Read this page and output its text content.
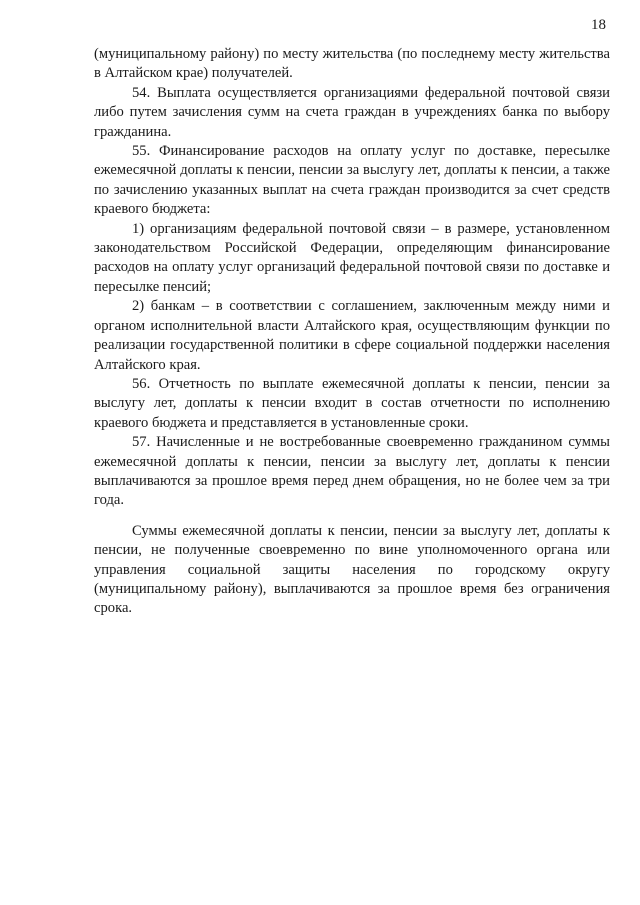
18

(муниципальному району) по месту жительства (по последнему месту жительства в Алтайском крае) получателей.

54. Выплата осуществляется организациями федеральной почтовой связи либо путем зачисления сумм на счета граждан в учреждениях банка по выбору гражданина.

55. Финансирование расходов на оплату услуг по доставке, пересылке ежемесячной доплаты к пенсии, пенсии за выслугу лет, доплаты к пенсии, а также по зачислению указанных выплат на счета граждан производится за счет средств краевого бюджета:

1) организациям федеральной почтовой связи – в размере, установленном законодательством Российской Федерации, определяющим финансирование расходов на оплату услуг организаций федеральной почтовой связи по доставке и пересылке пенсий;

2) банкам – в соответствии с соглашением, заключенным между ними и органом исполнительной власти Алтайского края, осуществляющим функции по реализации государственной политики в сфере социальной поддержки населения Алтайского края.

56. Отчетность по выплате ежемесячной доплаты к пенсии, пенсии за выслугу лет, доплаты к пенсии входит в состав отчетности по исполнению краевого бюджета и представляется в установленные сроки.

57. Начисленные и не востребованные своевременно гражданином суммы ежемесячной доплаты к пенсии, пенсии за выслугу лет, доплаты к пенсии выплачиваются за прошлое время перед днем обращения, но не более чем за три года.

Суммы ежемесячной доплаты к пенсии, пенсии за выслугу лет, доплаты к пенсии, не полученные своевременно по вине уполномоченного органа или управления социальной защиты населения по городскому округу (муниципальному району), выплачиваются за прошлое время без ограничения срока.
